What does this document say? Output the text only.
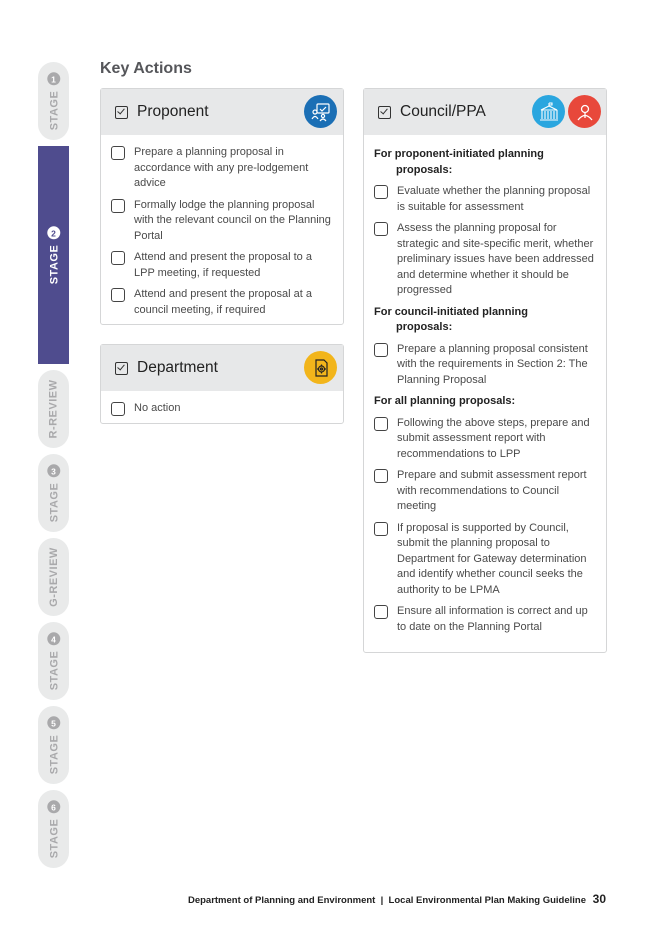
STAGE
1
STAGE
2
R-REVIEW
STAGE
3
G-REVIEW
STAGE
4
STAGE
5
STAGE
6
Key Actions
Proponent
Prepare a planning proposal in accordance with any pre-lodgement advice
Formally lodge the planning proposal with the relevant council on the Planning Portal
Attend and present the proposal to a LPP meeting, if requested
Attend and present the proposal at a council meeting, if required
Department
No action
Council/PPA
For proponent-initiated planning
proposals:
Evaluate whether the planning proposal is suitable for assessment
Assess the planning proposal for strategic and site-specific merit, whether preliminary issues have been addressed and determine whether it should be progressed
For council-initiated planning
proposals:
Prepare a planning proposal consistent with the requirements in Section 2: The Planning Proposal
For all planning proposals:
Following the above steps, prepare and submit assessment report with recommendations to LPP
Prepare and submit assessment report with recommendations to Council meeting
If proposal is supported by Council, submit the planning proposal to Department for Gateway determination and identify whether council seeks the authority to be LPMA
Ensure all information is correct and up to date on the Planning Portal
Department of Planning and Environment  |  Local Environmental Plan Making Guideline 30
